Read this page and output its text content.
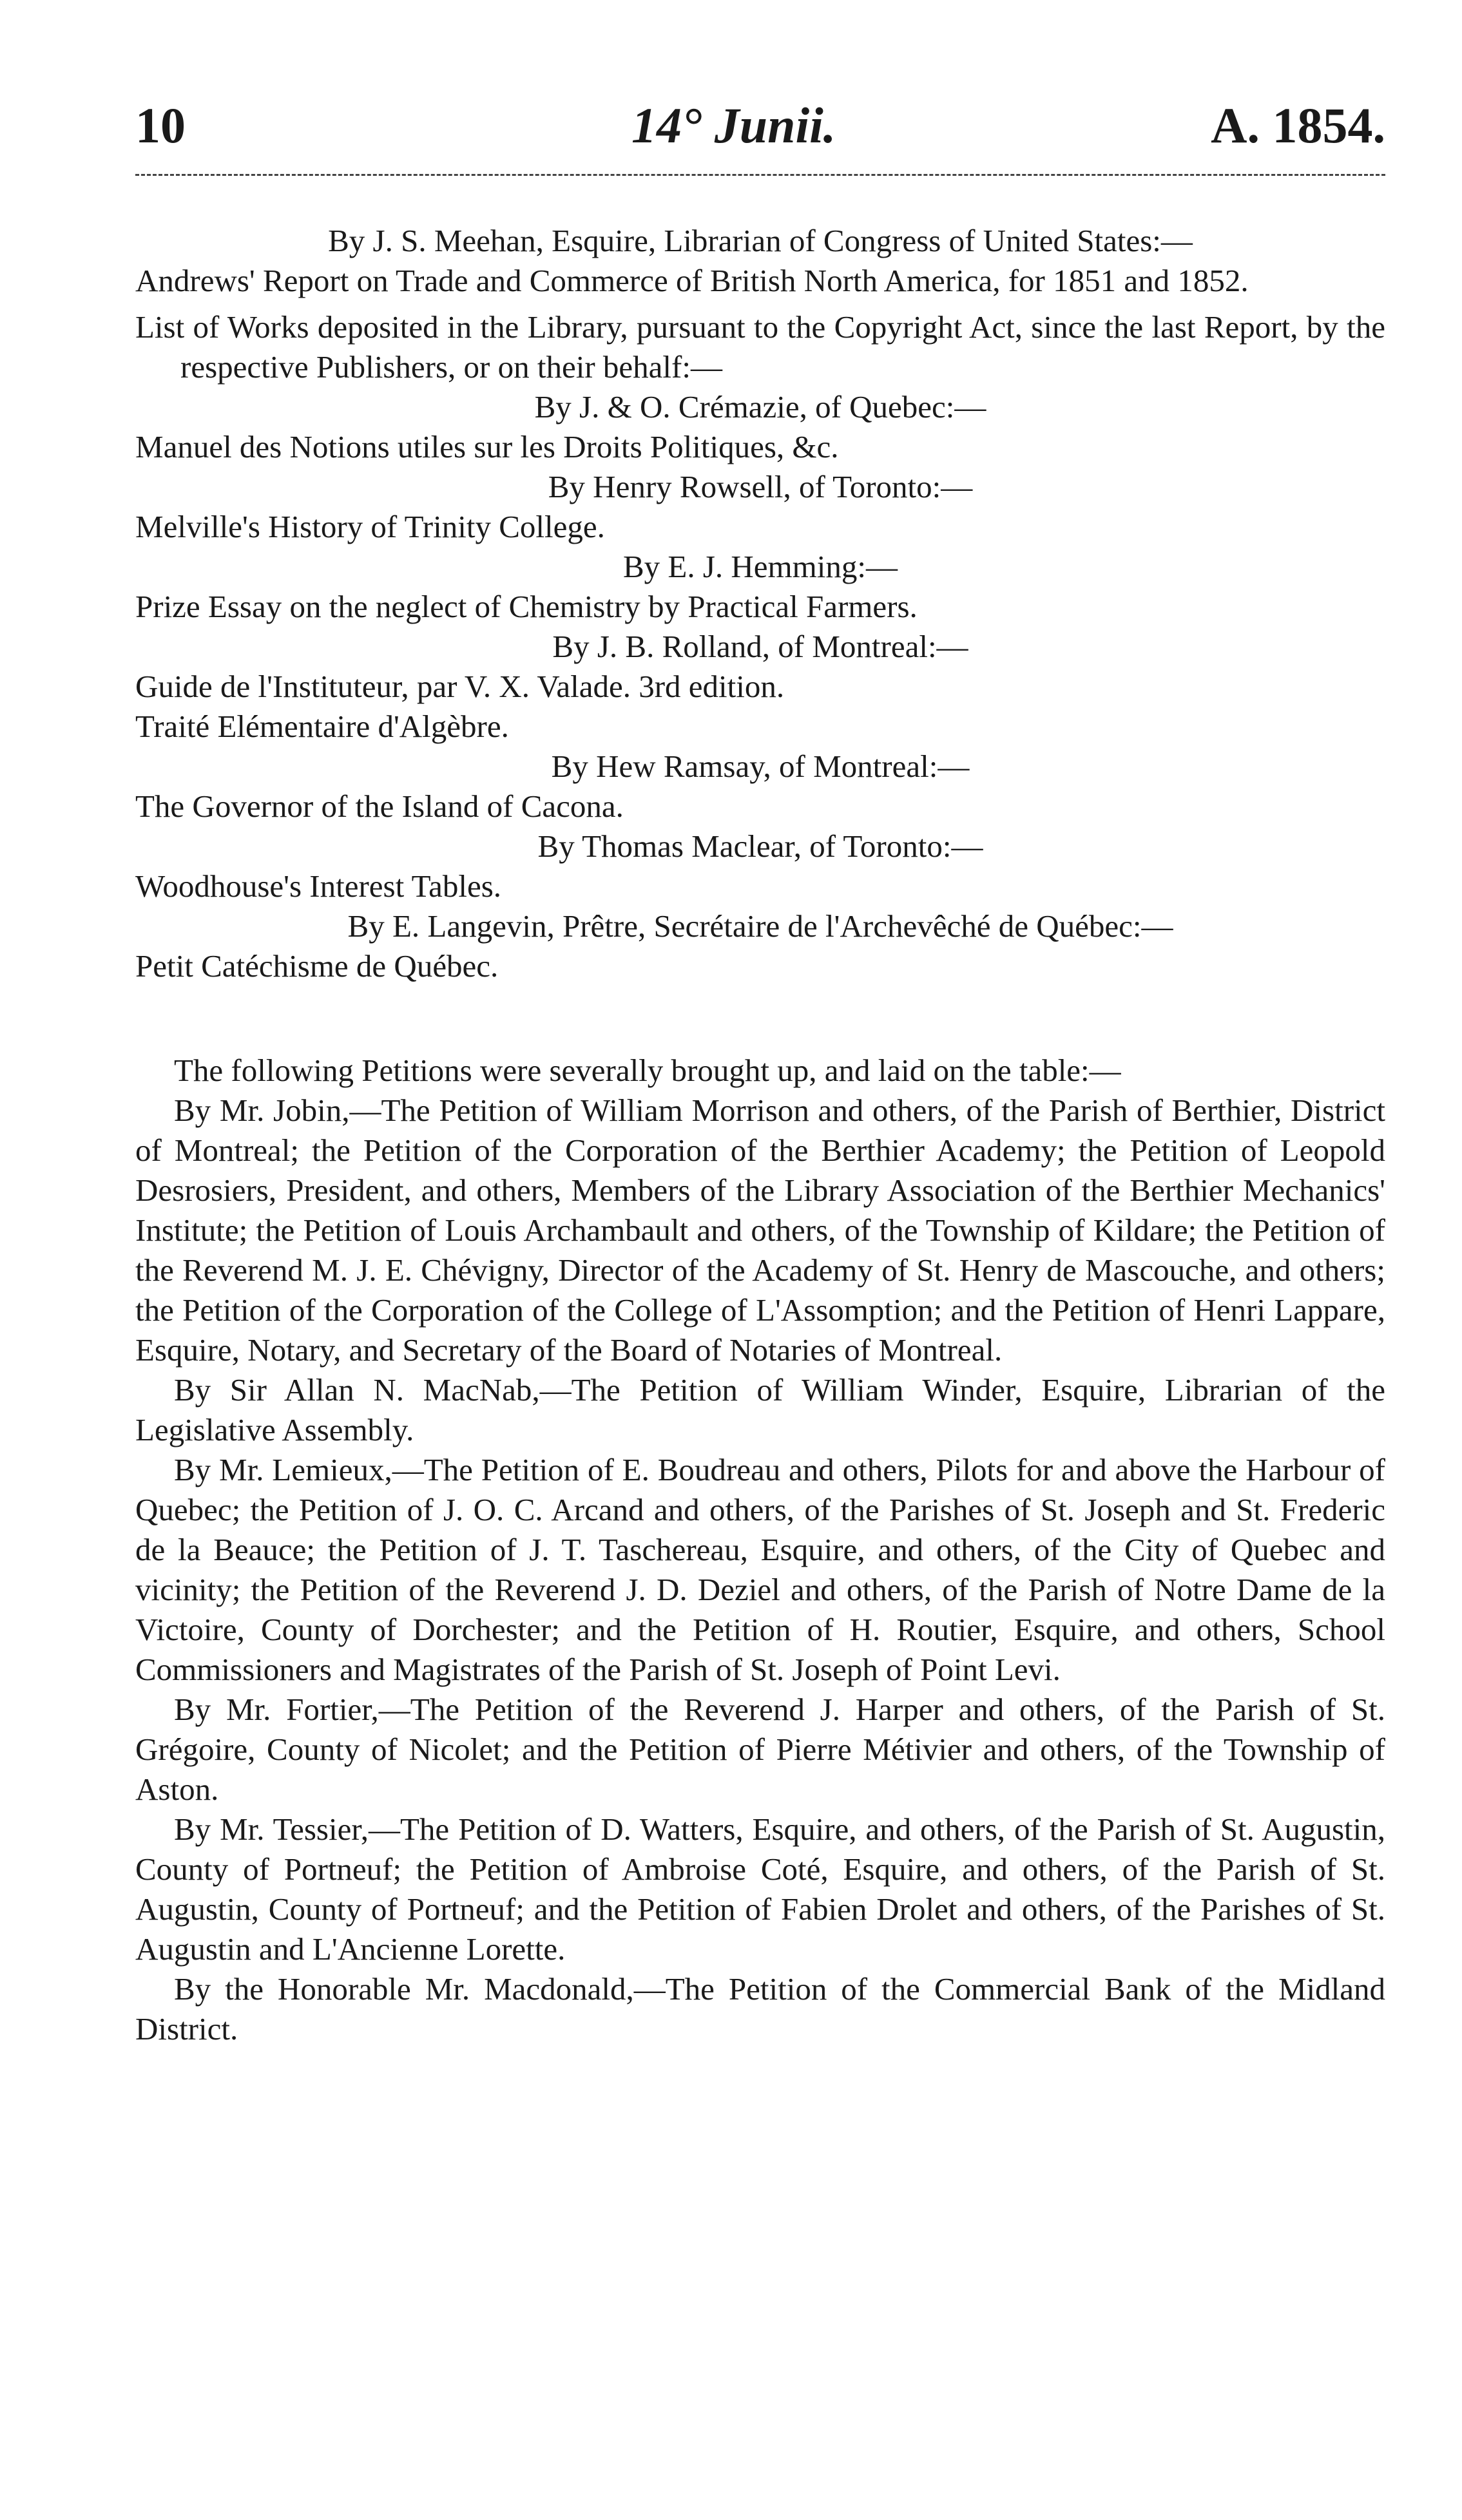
10	14° Junii.	A. 1854.

By J. S. Meehan, Esquire, Librarian of Congress of United States:—

Andrews' Report on Trade and Commerce of British North America, for 1851 and 1852.

List of Works deposited in the Library, pursuant to the Copyright Act, since the last Report, by the respective Publishers, or on their behalf:—

By J. & O. Crémazie, of Quebec:—

Manuel des Notions utiles sur les Droits Politiques, &c.

By Henry Rowsell, of Toronto:—

Melville's History of Trinity College.

By E. J. Hemming:—

Prize Essay on the neglect of Chemistry by Practical Farmers.

By J. B. Rolland, of Montreal:—

Guide de l'Instituteur, par V. X. Valade. 3rd edition.

Traité Elémentaire d'Algèbre.

By Hew Ramsay, of Montreal:—

The Governor of the Island of Cacona.

By Thomas Maclear, of Toronto:—

Woodhouse's Interest Tables.

By E. Langevin, Prêtre, Secrétaire de l'Archevêché de Québec:—

Petit Catéchisme de Québec.

The following Petitions were severally brought up, and laid on the table:—

By Mr. Jobin,—The Petition of William Morrison and others, of the Parish of Berthier, District of Montreal; the Petition of the Corporation of the Berthier Academy; the Petition of Leopold Desrosiers, President, and others, Members of the Library Association of the Berthier Mechanics' Institute; the Petition of Louis Archambault and others, of the Township of Kildare; the Petition of the Reverend M. J. E. Chévigny, Director of the Academy of St. Henry de Mascouche, and others; the Petition of the Corporation of the College of L'Assomption; and the Petition of Henri Lappare, Esquire, Notary, and Secretary of the Board of Notaries of Montreal.

By Sir Allan N. MacNab,—The Petition of William Winder, Esquire, Librarian of the Legislative Assembly.

By Mr. Lemieux,—The Petition of E. Boudreau and others, Pilots for and above the Harbour of Quebec; the Petition of J. O. C. Arcand and others, of the Parishes of St. Joseph and St. Frederic de la Beauce; the Petition of J. T. Taschereau, Esquire, and others, of the City of Quebec and vicinity; the Petition of the Reverend J. D. Deziel and others, of the Parish of Notre Dame de la Victoire, County of Dorchester; and the Petition of H. Routier, Esquire, and others, School Commissioners and Magistrates of the Parish of St. Joseph of Point Levi.

By Mr. Fortier,—The Petition of the Reverend J. Harper and others, of the Parish of St. Grégoire, County of Nicolet; and the Petition of Pierre Métivier and others, of the Township of Aston.

By Mr. Tessier,—The Petition of D. Watters, Esquire, and others, of the Parish of St. Augustin, County of Portneuf; the Petition of Ambroise Coté, Esquire, and others, of the Parish of St. Augustin, County of Portneuf; and the Petition of Fabien Drolet and others, of the Parishes of St. Augustin and L'Ancienne Lorette.

By the Honorable Mr. Macdonald,—The Petition of the Commercial Bank of the Midland District.
